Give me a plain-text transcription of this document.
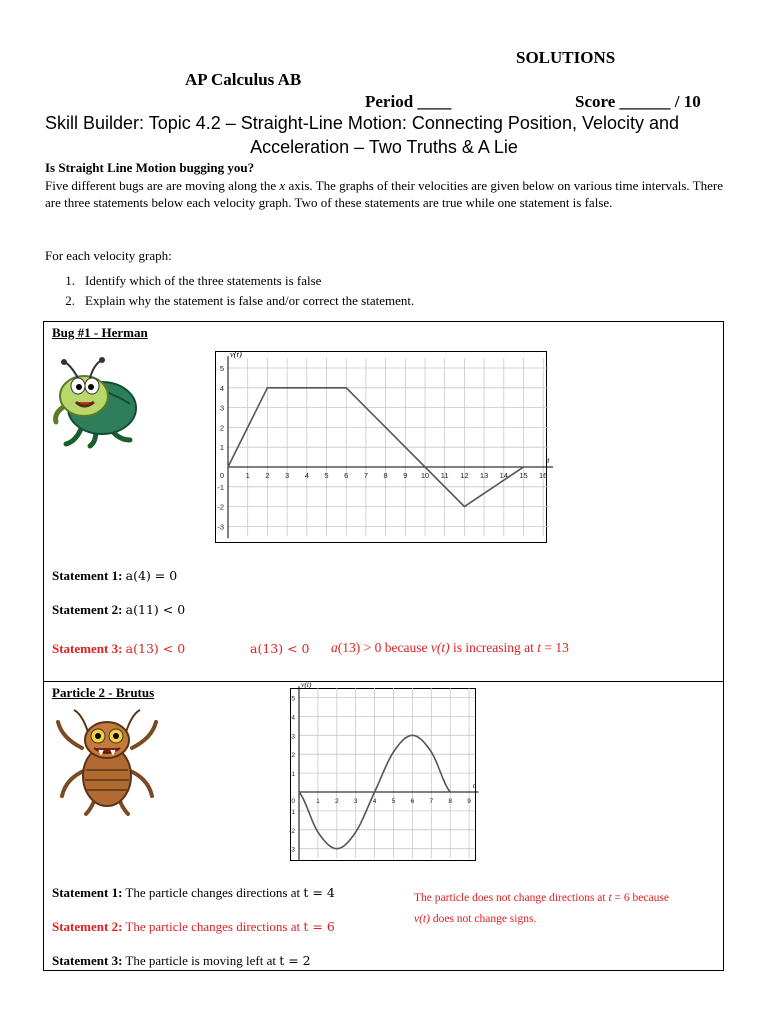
SOLUTIONS
AP Calculus AB
Period ____	Score ______ / 10
Skill Builder: Topic 4.2 – Straight-Line Motion: Connecting Position, Velocity and
Acceleration – Two Truths & A Lie
Is Straight Line Motion bugging you?
Five different bugs are are moving along the x axis. The graphs of their velocities are given below on various time intervals. There are three statements below each velocity graph. Two of these statements are true while one statement is false.
For each velocity graph:
1. Identify which of the three statements is false
2. Explain why the statement is false and/or correct the statement.
Bug #1 - Herman
1 2 3 4 5 6 7 8 9 10 11 12 13 14 15 16
5
4
3
2
1
-1
-2
-3
0
v(t)
t
Statement 1: a(4) = 0
Statement 2: a(11) < 0
Statement 3: a(13) < 0	a(13) < 0 a(13) > 0 because v(t) is increasing at t = 13
Particle 2 - Brutus
1 2 3 4 5 6 7 8 9
5
4
3
2
1
-1
-2
-3
0
v(t)
t
Statement 1: The particle changes directions at t = 4
Statement 2: The particle changes directions at t = 6
Statement 3: The particle is moving left at t = 2
The particle does not change directions at t = 6 because
v(t) does not change signs.
